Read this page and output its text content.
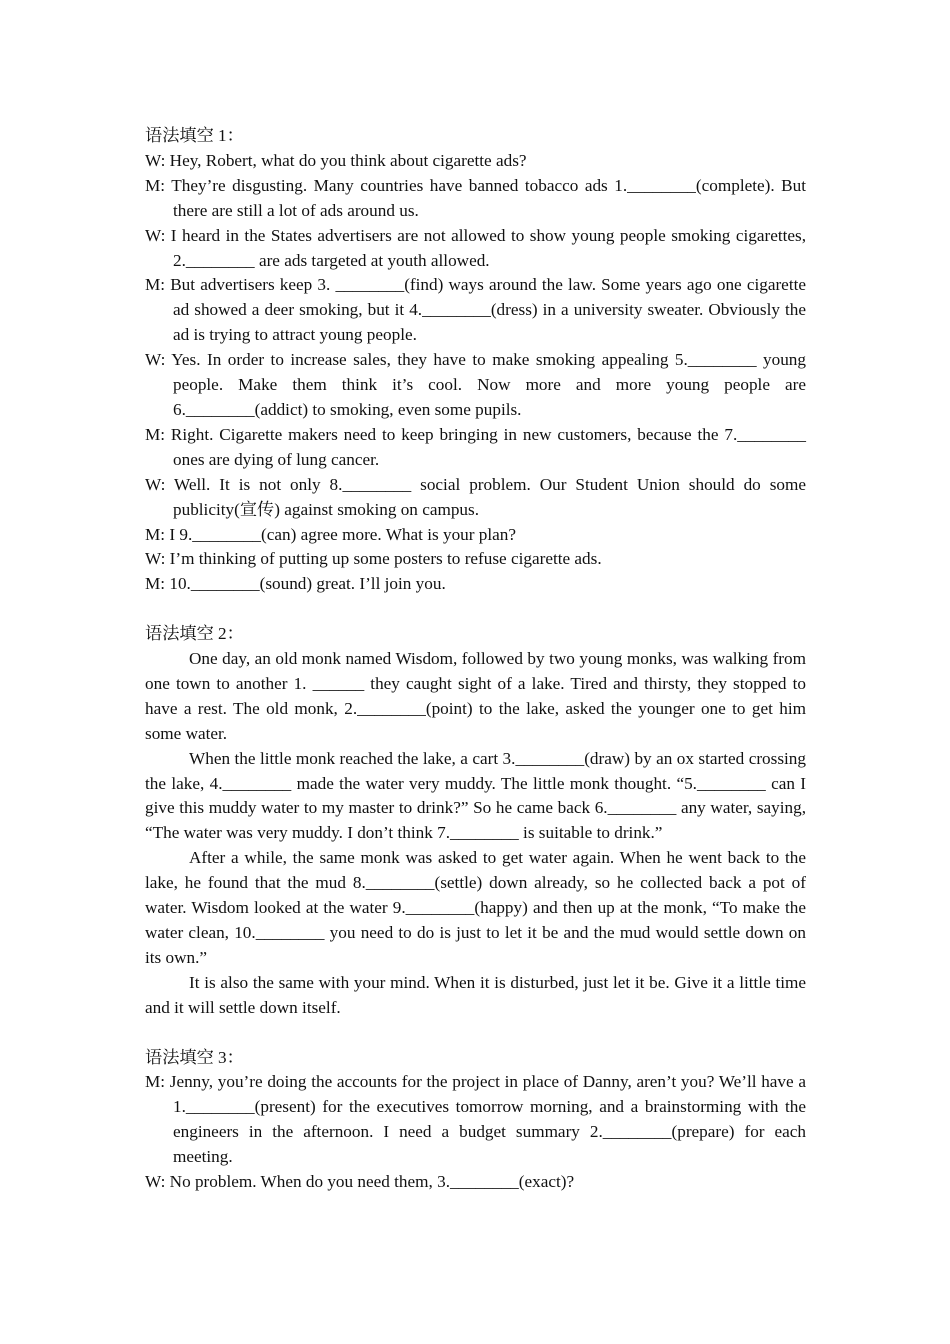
语法填空 1：

W: Hey, Robert, what do you think about cigarette ads?

M: They’re disgusting. Many countries have banned tobacco ads 1.________(complete). But there are still a lot of ads around us.

W: I heard in the States advertisers are not allowed to show young people smoking cigarettes, 2.________ are ads targeted at youth allowed.

M: But advertisers keep 3. ________(find) ways around the law. Some years ago one cigarette ad showed a deer smoking, but it 4.________(dress) in a university sweater. Obviously the ad is trying to attract young people.

W: Yes. In order to increase sales, they have to make smoking appealing 5.________ young people. Make them think it’s cool. Now more and more young people are 6.________(addict) to smoking, even some pupils.

M: Right. Cigarette makers need to keep bringing in new customers, because the 7.________ ones are dying of lung cancer.

W: Well. It is not only 8.________ social problem. Our Student Union should do some publicity(宣传) against smoking on campus.

M: I 9.________(can) agree more. What is your plan?

W: I’m thinking of putting up some posters to refuse cigarette ads.

M: 10.________(sound) great. I’ll join you.

语法填空 2：

One day, an old monk named Wisdom, followed by two young monks, was walking from one town to another 1. ______ they caught sight of a lake. Tired and thirsty, they stopped to have a rest. The old monk, 2.________(point) to the lake, asked the younger one to get him some water.

When the little monk reached the lake, a cart 3.________(draw) by an ox started crossing the lake, 4.________ made the water very muddy. The little monk thought. “5.________ can I give this muddy water to my master to drink?” So he came back 6.________ any water, saying, “The water was very muddy. I don’t think 7.________ is suitable to drink.”

After a while, the same monk was asked to get water again. When he went back to the lake, he found that the mud 8.________(settle) down already, so he collected back a pot of water. Wisdom looked at the water 9.________(happy) and then up at the monk, “To make the water clean, 10.________ you need to do is just to let it be and the mud would settle down on its own.”

It is also the same with your mind. When it is disturbed, just let it be. Give it a little time and it will settle down itself.

语法填空 3：

M: Jenny, you’re doing the accounts for the project in place of Danny, aren’t you? We’ll have a 1.________(present) for the executives tomorrow morning, and a brainstorming with the engineers in the afternoon. I need a budget summary 2.________(prepare) for each meeting.

W: No problem. When do you need them, 3.________(exact)?
